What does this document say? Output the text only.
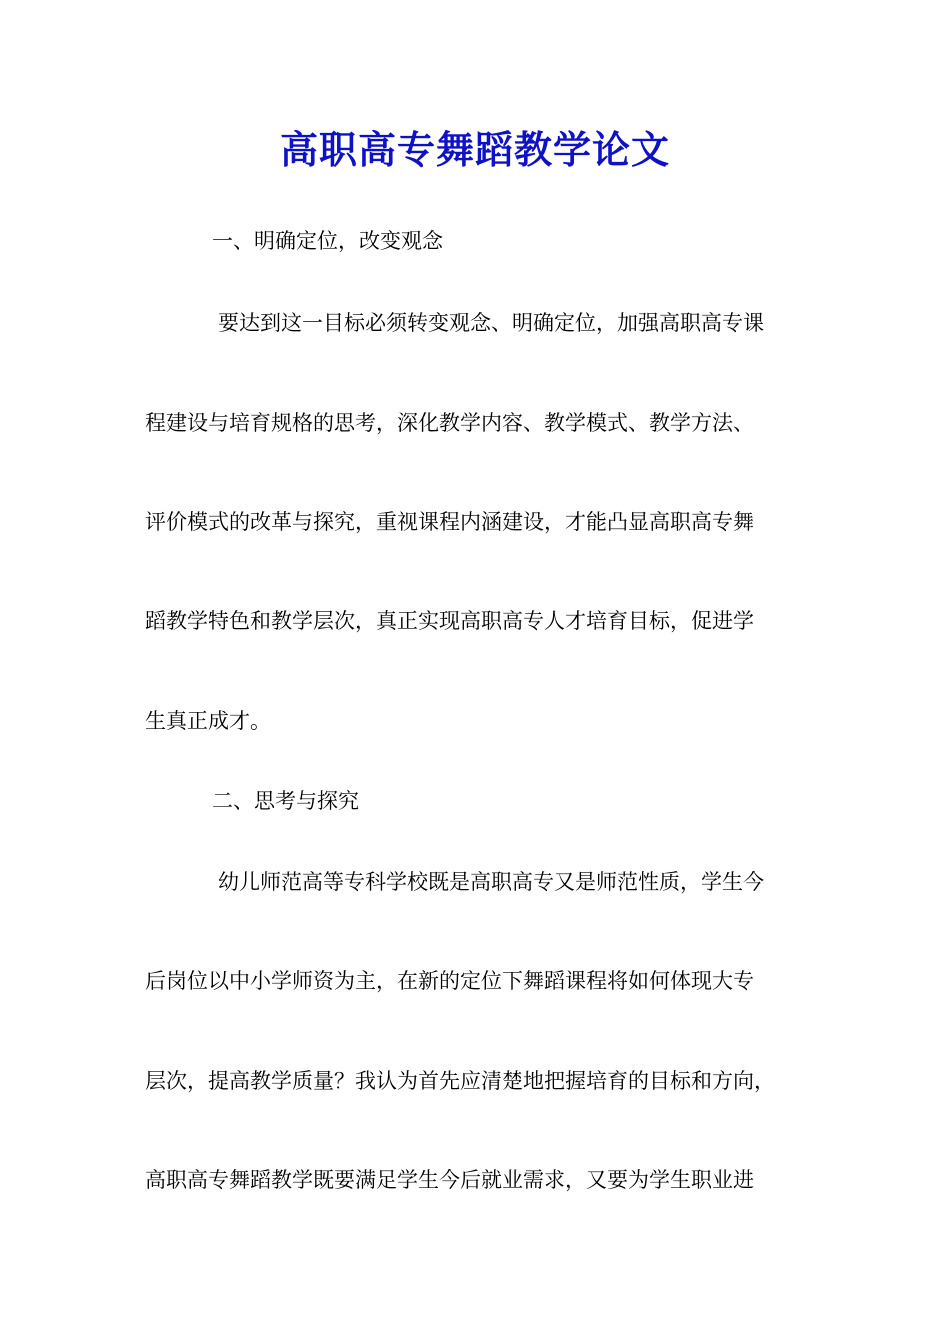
高职高专舞蹈教学论文
一、明确定位，改变观念
要达到这一目标必须转变观念、明确定位，加强高职高专课
程建设与培育规格的思考，深化教学内容、教学模式、教学方法、
评价模式的改革与探究，重视课程内涵建设，才能凸显高职高专舞
蹈教学特色和教学层次，真正实现高职高专人才培育目标，促进学
生真正成才。
二、思考与探究
幼儿师范高等专科学校既是高职高专又是师范性质，学生今
后岗位以中小学师资为主，在新的定位下舞蹈课程将如何体现大专
层次，提高教学质量？我认为首先应清楚地把握培育的目标和方向，
高职高专舞蹈教学既要满足学生今后就业需求，又要为学生职业进
